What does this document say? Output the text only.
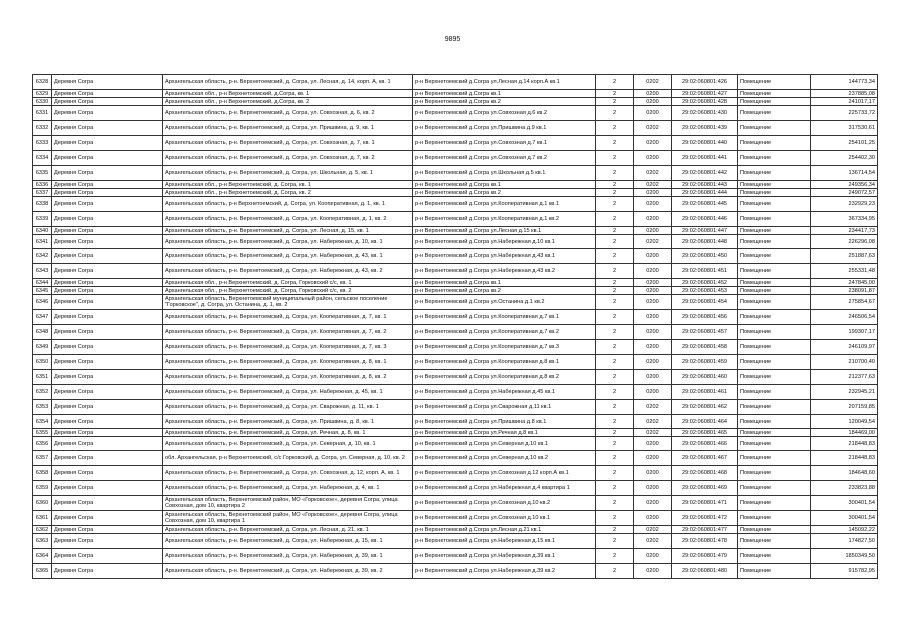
9895
6328	Деревня Согра	Архангельская область, р-н. Верхнетоемский, д. Согра, ул. Лесная, д. 14, корп. А, кв. 1	р-н Верхнетоемский д.Согра ул.Лесная д.14 корп.А кв.1	2	0202	29:02:060801:426	Помещение	144773,34
6329	Деревня Согра	Архангельская обл., р-н Верхнетоемский, д.Согра, кв. 1	р-н Верхнетоемский д.Согра кв.1	2	0200	29:02:060801:427	Помещение	237885,08
6330	Деревня Согра	Архангельская обл., р-н Верхнетоемский, д.Согра, кв. 2	р-н Верхнетоемский д.Согра кв.2	2	0200	29:02:060801:428	Помещение	241017,17
6331	Деревня Согра	Архангельская область, р-н. Верхнетоемский, д. Согра, ул. Совхозная, д. 6, кв. 2	р-н Верхнетоемский д.Согра ул.Совхозная д.6 кв.2	2	0200	29:02:060801:430	Помещение	225733,72
6332	Деревня Согра	Архангельская область, р-н. Верхнетоемский, д. Согра, ул. Пришвина, д. 9, кв. 1	р-н Верхнетоемский д.Согра ул.Пришвина д.9 кв.1	2	0202	29:02:060801:439	Помещение	317530,61
6333	Деревня Согра	Архангельская область, р-н. Верхнетоемский, д. Согра, ул. Совхозная, д. 7, кв. 1	р-н Верхнетоемский д.Согра ул.Совхозная д.7 кв.1	2	0200	29:02:060801:440	Помещение	254101,25
6334	Деревня Согра	Архангельская область, р-н. Верхнетоемский, д. Согра, ул. Совхозная, д. 7, кв. 2	р-н Верхнетоемский д.Согра ул.Совхозная д.7 кв.2	2	0200	29:02:060801:441	Помещение	254402,30
6335	Деревня Согра	Архангельская область, р-н. Верхнетоемский, д. Согра, ул. Школьная, д. 5, кв. 1	р-н Верхнетоемский д.Согра ул.Школьная д.5 кв.1	2	0202	29:02:060801:442	Помещение	136714,54
6336	Деревня Согра	Архангельская обл., р-н Верхнетоемский, д. Согра, кв. 1	р-н Верхнетоемский д.Согра кв.1	2	0202	29:02:060801:443	Помещение	249356,34
6337	Деревня Согра	Архангельская обл., р-н Верхнетоемский, д. Согра, кв. 2	р-н Верхнетоемский д.Согра кв.2	2	0200	29:02:060801:444	Помещение	249072,57
6338	Деревня Согра	Архангельская область, р-н Верхнетоемский, д. Согра, ул. Кооперативная, д. 1, кв. 1	р-н Верхнетоемский д.Согра ул.Кооперативная д.1 кв.1	2	0200	29:02:060801:445	Помещение	232929,23
6339	Деревня Согра	Архангельская область, р-н. Верхнетоемский, д. Согра, ул. Кооперативная, д. 1, кв. 2	р-н Верхнетоемский д.Согра ул.Кооперативная д.1 кв.2	2	0200	29:02:060801:446	Помещение	367334,95
6340	Деревня Согра	Архангельская область, р-н. Верхнетоемский, д. Согра, ул. Лесная, д. 15, кв. 1	р-н Верхнетоемский д.Согра ул.Лесная д.15 кв.1	2	0200	29:02:060801:447	Помещение	234417,73
6341	Деревня Согра	Архангельская область, р-н. Верхнетоемский, д. Согра, ул. Набережная, д. 10, кв. 1	р-н Верхнетоемский д.Согра ул.Набережная д.10 кв.1	2	0202	29:02:060801:448	Помещение	226296,08
6342	Деревня Согра	Архангельская область, р-н. Верхнетоемский, д. Согра, ул. Набережная, д. 43, кв. 1	р-н Верхнетоемский д.Согра ул.Набережная д.43 кв.1	2	0200	29:02:060801:450	Помещение	251887,63
6343	Деревня Согра	Архангельская область, р-н. Верхнетоемский, д. Согра, ул. Набережная, д. 43, кв. 2	р-н Верхнетоемский д.Согра ул.Набережная д.43 кв.2	2	0200	29:02:060801:451	Помещение	255331,48
6344	Деревня Согра	Архангельская обл., р-н Верхнетоемский, д. Согра, Горковский с/с, кв. 1	р-н Верхнетоемский д.Согра кв.1	2	0200	29:02:060801:452	Помещение	247845,00
6345	Деревня Согра	Архангельская обл., р-н Верхнетоемский, д. Согра, Горковский с/с, кв. 2	р-н Верхнетоемский д.Согра кв.2	2	0200	29:02:060801:453	Помещение	238091,87
6346	Деревня Согра	Архангельская область, Верхнетоемский муниципальный район, сельское поселение "Горковское", д. Согра, ул. Останина, д. 1, кв. 2	р-н Верхнетоемский д.Согра ул.Останина д.1 кв.2	2	0200	29:02:060801:454	Помещение	275854,67
6347	Деревня Согра	Архангельская область, р-н. Верхнетоемский, д. Согра, ул. Кооперативная, д. 7, кв. 1	р-н Верхнетоемский д.Согра ул.Кооперативная д.7 кв.1	2	0200	29:02:060801:456	Помещение	246506,54
6348	Деревня Согра	Архангельская область, р-н. Верхнетоемский, д. Согра, ул. Кооперативная, д. 7, кв. 2	р-н Верхнетоемский д.Согра ул.Кооперативная д.7 кв.2	2	0200	29:02:060801:457	Помещение	199307,17
6349	Деревня Согра	Архангельская область, р-н. Верхнетоемский, д. Согра, ул. Кооперативная, д. 7, кв. 3	р-н Верхнетоемский д.Согра ул.Кооперативная д.7 кв.3	2	0200	29:02:060801:458	Помещение	246109,97
6350	Деревня Согра	Архангельская область, р-н. Верхнетоемский, д. Согра, ул. Кооперативная, д. 8, кв. 1	р-н Верхнетоемский д.Согра ул.Кооперативная д.8 кв.1	2	0200	29:02:060801:459	Помещение	210700,40
6351	Деревня Согра	Архангельская область, р-н. Верхнетоемский, д. Согра, ул. Кооперативная, д. 8, кв. 2	р-н Верхнетоемский д.Согра ул.Кооперативная д.8 кв.2	2	0200	29:02:060801:460	Помещение	212377,63
6352	Деревня Согра	Архангельская область, р-н. Верхнетоемский, д. Согра, ул. Набережная, д. 45, кв. 1	р-н Верхнетоемский д.Согра ул.Набережная д.45 кв.1	2	0200	29:02:060801:461	Помещение	232945,21
6353	Деревня Согра	Архангельская область, р-н. Верхнетоемский, д. Согра, ул. Сварожная, д. 11, кв. 1	р-н Верхнетоемский д.Согра ул.Сварожная д.11 кв.1	2	0202	29:02:060801:462	Помещение	207159,85
6354	Деревня Согра	Архангельская область, р-н. Верхнетоемский, д. Согра, ул. Пришвина, д. 8, кв. 1	р-н Верхнетоемский д.Согра ул.Пришвина д.8 кв.1	2	0202	29:02:060801:464	Помещение	120049,54
6355	Деревня Согра	Архангельская область, р-н. Верхнетоемский, д. Согра, ул. Речная, д. 8, кв. 1	р-н Верхнетоемский д.Согра ул.Речная д.8 кв.1	2	0202	29:02:060801:465	Помещение	184469,00
6356	Деревня Согра	Архангельская область, р-н. Верхнетоемский, д. Согра, ул. Северная, д. 10, кв. 1	р-н Верхнетоемский д.Согра ул.Северная д.10 кв.1	2	0200	29:02:060801:466	Помещение	218448,83
6357	Деревня Согра	обл. Архангельская, р-н Верхнетоемский, с/с Горковский, д. Согра, ул. Северная, д. 10, кв. 2	р-н Верхнетоемский д.Согра ул.Северная д.10 кв.2	2	0200	29:02:060801:467	Помещение	218448,83
6358	Деревня Согра	Архангельская область, р-н. Верхнетоемский, д. Согра, ул. Совхозная, д. 12, корп. А, кв. 1	р-н Верхнетоемский д.Согра ул.Совхозная д.12 корп.А кв.1	2	0200	29:02:060801:468	Помещение	184648,60
6359	Деревня Согра	Архангельская область, р-н. Верхнетоемский, д. Согра, ул. Набережная, д. 4, кв. 1	р-н Верхнетоемский д.Согра ул.Набережная д.4 квартира 1	2	0200	29:02:060801:469	Помещение	233823,88
6360	Деревня Согра	Архангельская область, Верхнетоемский район, МО «Горковское», деревня Согра, улица Совхозная, дом 10, квартира 2	р-н Верхнетоемский д.Согра ул.Совхозная д.10 кв.2	2	0200	29:02:060801:471	Помещение	300401,54
6361	Деревня Согра	Архангельская область, Верхнетоемский район, МО «Горковское», деревня Согра, улица Совхозная, дом 10, квартира 1	р-н Верхнетоемский д.Согра ул.Совхозная д.10 кв.1	2	0200	29:02:060801:472	Помещение	300401,54
6362	Деревня Согра	Архангельская область, р-н. Верхнетоемский, д. Согра, ул. Лесная, д. 21, кв. 1	р-н Верхнетоемский д.Согра ул.Лесная д.21 кв.1	2	0202	29:02:060801:477	Помещение	145092,22
6363	Деревня Согра	Архангельская область, р-н. Верхнетоемский, д. Согра, ул. Набережная, д. 15, кв. 1	р-н Верхнетоемский д.Согра ул.Набережная д.15 кв.1	2	0202	29:02:060801:478	Помещение	174827,50
6364	Деревня Согра	Архангельская область, р-н. Верхнетоемский, д. Согра, ул. Набережная, д. 39, кв. 1	р-н Верхнетоемский д.Согра ул.Набережная д.39 кв.1	2	0200	29:02:060801:479	Помещение	1850349,50
6365	Деревня Согра	Архангельская область, р-н. Верхнетоемский, д. Согра, ул. Набережная, д. 39, кв. 2	р-н Верхнетоемский д.Согра ул.Набережная д.39 кв.2	2	0200	29:02:060801:480	Помещение	915782,95
